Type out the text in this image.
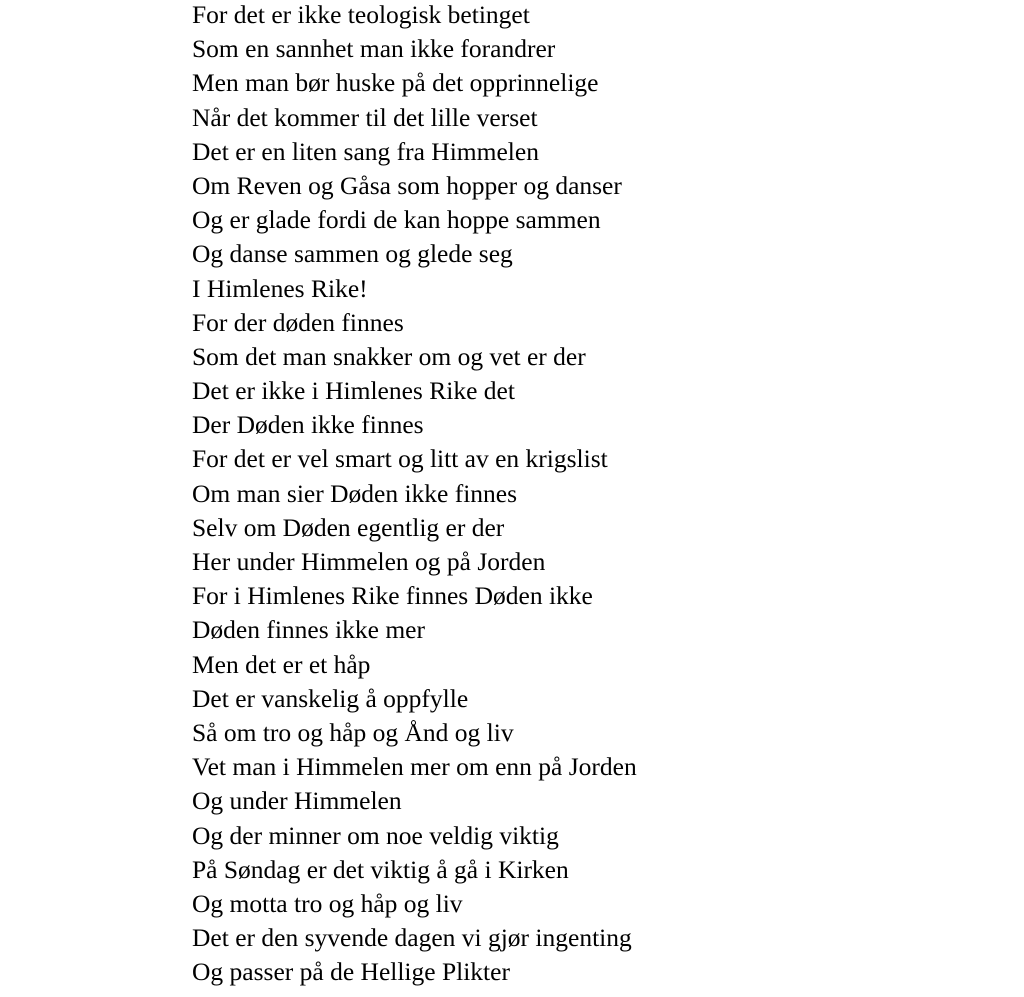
For det er ikke teologisk betinget
Som en sannhet man ikke forandrer
Men man bør huske på det opprinnelige
Når det kommer til det lille verset
Det er en liten sang fra Himmelen
Om Reven og Gåsa som hopper og danser
Og er glade fordi de kan hoppe sammen
Og danse sammen og glede seg
I Himlenes Rike!
For der døden finnes
Som det man snakker om og vet er der
Det er ikke i Himlenes Rike det
Der Døden ikke finnes
For det er vel smart og litt av en krigslist
Om man sier Døden ikke finnes
Selv om Døden egentlig er der
Her under Himmelen og på Jorden
For i Himlenes Rike finnes Døden ikke
Døden finnes ikke mer
Men det er et håp
Det er vanskelig å oppfylle
Så om tro og håp og Ånd og liv
Vet man i Himmelen mer om enn på Jorden
Og under Himmelen
Og der minner om noe veldig viktig
På Søndag er det viktig å gå i Kirken
Og motta tro og håp og liv
Det er den syvende dagen vi gjør ingenting
Og passer på de Hellige Plikter
